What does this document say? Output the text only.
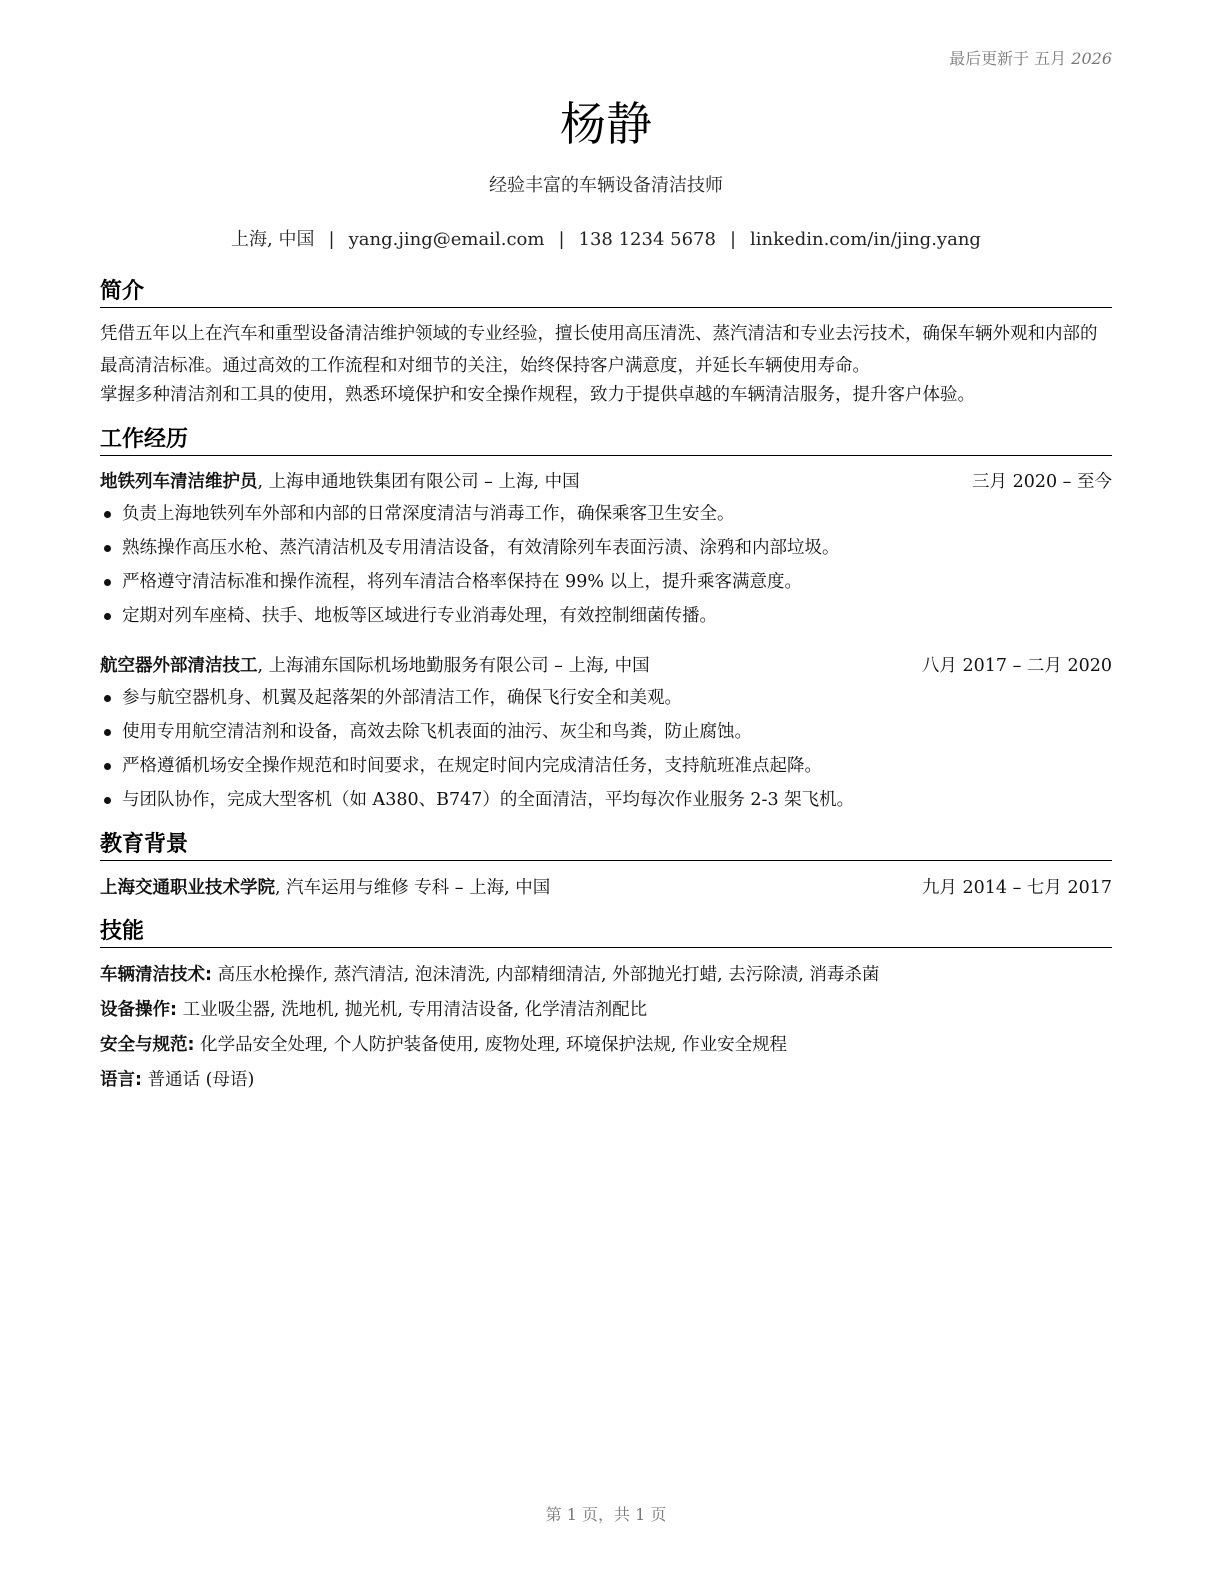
最后更新于 五月 2026
杨静
经验丰富的车辆设备清洁技师
上海, 中国 | yang.jing@email.com | 138 1234 5678 | linkedin.com/in/jing.yang
简介
凭借五年以上在汽车和重型设备清洁维护领域的专业经验，擅长使用高压清洗、蒸汽清洁和专业去污技术，确保车辆外观和内部的最高清洁标准。通过高效的工作流程和对细节的关注，始终保持客户满意度，并延长车辆使用寿命。
掌握多种清洁剂和工具的使用，熟悉环境保护和安全操作规程，致力于提供卓越的车辆清洁服务，提升客户体验。
工作经历
地铁列车清洁维护员, 上海申通地铁集团有限公司 – 上海, 中国	三月 2020 – 至今
负责上海地铁列车外部和内部的日常深度清洁与消毒工作，确保乘客卫生安全。
熟练操作高压水枪、蒸汽清洁机及专用清洁设备，有效清除列车表面污渍、涂鸦和内部垃圾。
严格遵守清洁标准和操作流程，将列车清洁合格率保持在 99% 以上，提升乘客满意度。
定期对列车座椅、扶手、地板等区域进行专业消毒处理，有效控制细菌传播。
航空器外部清洁技工, 上海浦东国际机场地勤服务有限公司 – 上海, 中国	八月 2017 – 二月 2020
参与航空器机身、机翼及起落架的外部清洁工作，确保飞行安全和美观。
使用专用航空清洁剂和设备，高效去除飞机表面的油污、灰尘和鸟粪，防止腐蚀。
严格遵循机场安全操作规范和时间要求，在规定时间内完成清洁任务，支持航班准点起降。
与团队协作，完成大型客机（如 A380、B747）的全面清洁，平均每次作业服务 2-3 架飞机。
教育背景
上海交通职业技术学院, 汽车运用与维修 专科 – 上海, 中国	九月 2014 – 七月 2017
技能
车辆清洁技术: 高压水枪操作, 蒸汽清洁, 泡沫清洗, 内部精细清洁, 外部抛光打蜡, 去污除渍, 消毒杀菌
设备操作: 工业吸尘器, 洗地机, 抛光机, 专用清洁设备, 化学清洁剂配比
安全与规范: 化学品安全处理, 个人防护装备使用, 废物处理, 环境保护法规, 作业安全规程
语言: 普通话 (母语)
第 1 页，共 1 页
